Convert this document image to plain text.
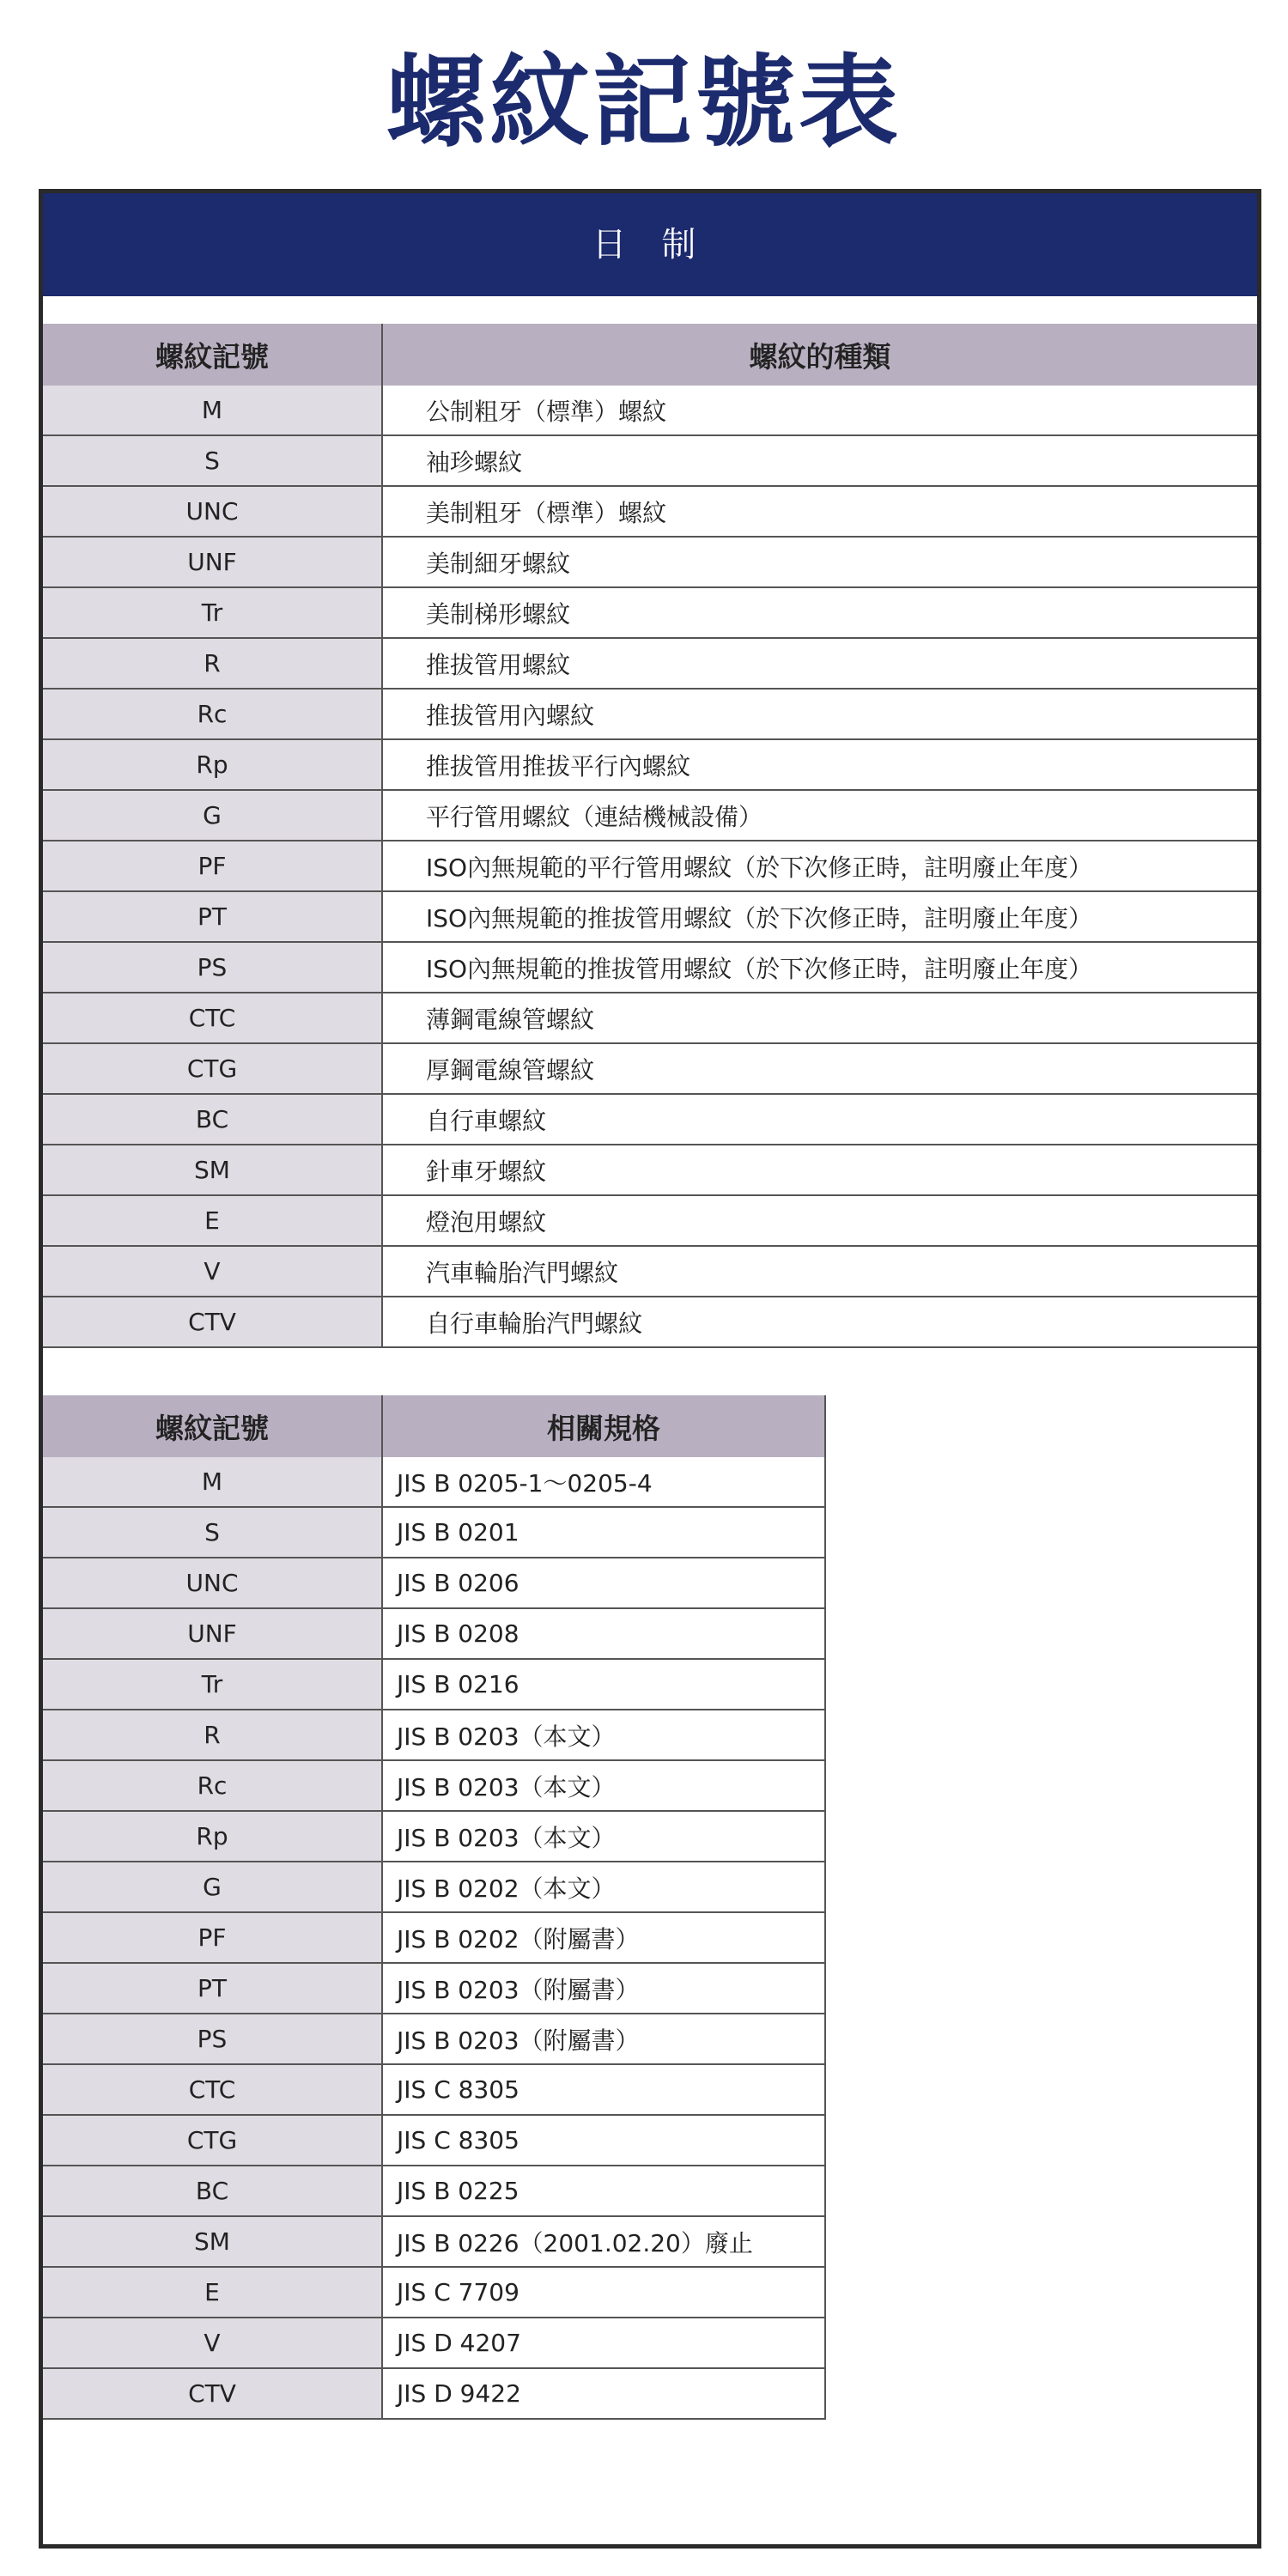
螺紋記號表
日 制
螺紋記號	螺紋的種類
M	公制粗牙（標準）螺紋
S	袖珍螺紋
UNC	美制粗牙（標準）螺紋
UNF	美制細牙螺紋
Tr	美制梯形螺紋
R	推拔管用螺紋
Rc	推拔管用內螺紋
Rp	推拔管用推拔平行內螺紋
G	平行管用螺紋（連結機械設備）
PF	ISO內無規範的平行管用螺紋（於下次修正時，註明廢止年度）
PT	ISO內無規範的推拔管用螺紋（於下次修正時，註明廢止年度）
PS	ISO內無規範的推拔管用螺紋（於下次修正時，註明廢止年度）
CTC	薄鋼電線管螺紋
CTG	厚鋼電線管螺紋
BC	自行車螺紋
SM	針車牙螺紋
E	燈泡用螺紋
V	汽車輪胎汽門螺紋
CTV	自行車輪胎汽門螺紋
螺紋記號	相關規格
M	JIS B 0205-1～0205-4
S	JIS B 0201
UNC	JIS B 0206
UNF	JIS B 0208
Tr	JIS B 0216
R	JIS B 0203（本文）
Rc	JIS B 0203（本文）
Rp	JIS B 0203（本文）
G	JIS B 0202（本文）
PF	JIS B 0202（附屬書）
PT	JIS B 0203（附屬書）
PS	JIS B 0203（附屬書）
CTC	JIS C 8305
CTG	JIS C 8305
BC	JIS B 0225
SM	JIS B 0226（2001.02.20）廢止
E	JIS C 7709
V	JIS D 4207
CTV	JIS D 9422
